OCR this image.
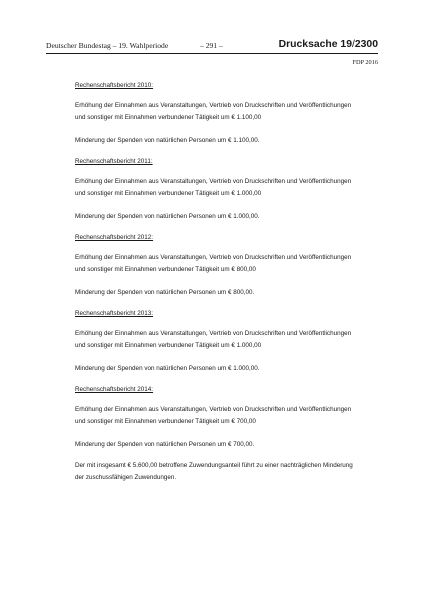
Deutscher Bundestag – 19. Wahlperiode	– 291 –	Drucksache 19/2300
FDP 2016

Rechenschaftsbericht 2010:

Erhöhung der Einnahmen aus Veranstaltungen, Vertrieb von Druckschriften und Veröffentlichungen
und sonstiger mit Einnahmen verbundener Tätigkeit um € 1.100,00

Minderung der Spenden von natürlichen Personen um € 1.100,00.

Rechenschaftsbericht 2011:

Erhöhung der Einnahmen aus Veranstaltungen, Vertrieb von Druckschriften und Veröffentlichungen
und sonstiger mit Einnahmen verbundener Tätigkeit um € 1.000,00

Minderung der Spenden von natürlichen Personen um € 1.000,00.

Rechenschaftsbericht 2012:

Erhöhung der Einnahmen aus Veranstaltungen, Vertrieb von Druckschriften und Veröffentlichungen
und sonstiger mit Einnahmen verbundener Tätigkeit um € 800,00

Minderung der Spenden von natürlichen Personen um € 800,00.

Rechenschaftsbericht 2013:

Erhöhung der Einnahmen aus Veranstaltungen, Vertrieb von Druckschriften und Veröffentlichungen
und sonstiger mit Einnahmen verbundener Tätigkeit um € 1.000,00

Minderung der Spenden von natürlichen Personen um € 1.000,00.

Rechenschaftsbericht 2014:

Erhöhung der Einnahmen aus Veranstaltungen, Vertrieb von Druckschriften und Veröffentlichungen
und sonstiger mit Einnahmen verbundener Tätigkeit um € 700,00

Minderung der Spenden von natürlichen Personen um € 700,00.

Der mit insgesamt € 5.600,00 betroffene Zuwendungsanteil führt zu einer nachträglichen Minderung
der zuschussfähigen Zuwendungen.
